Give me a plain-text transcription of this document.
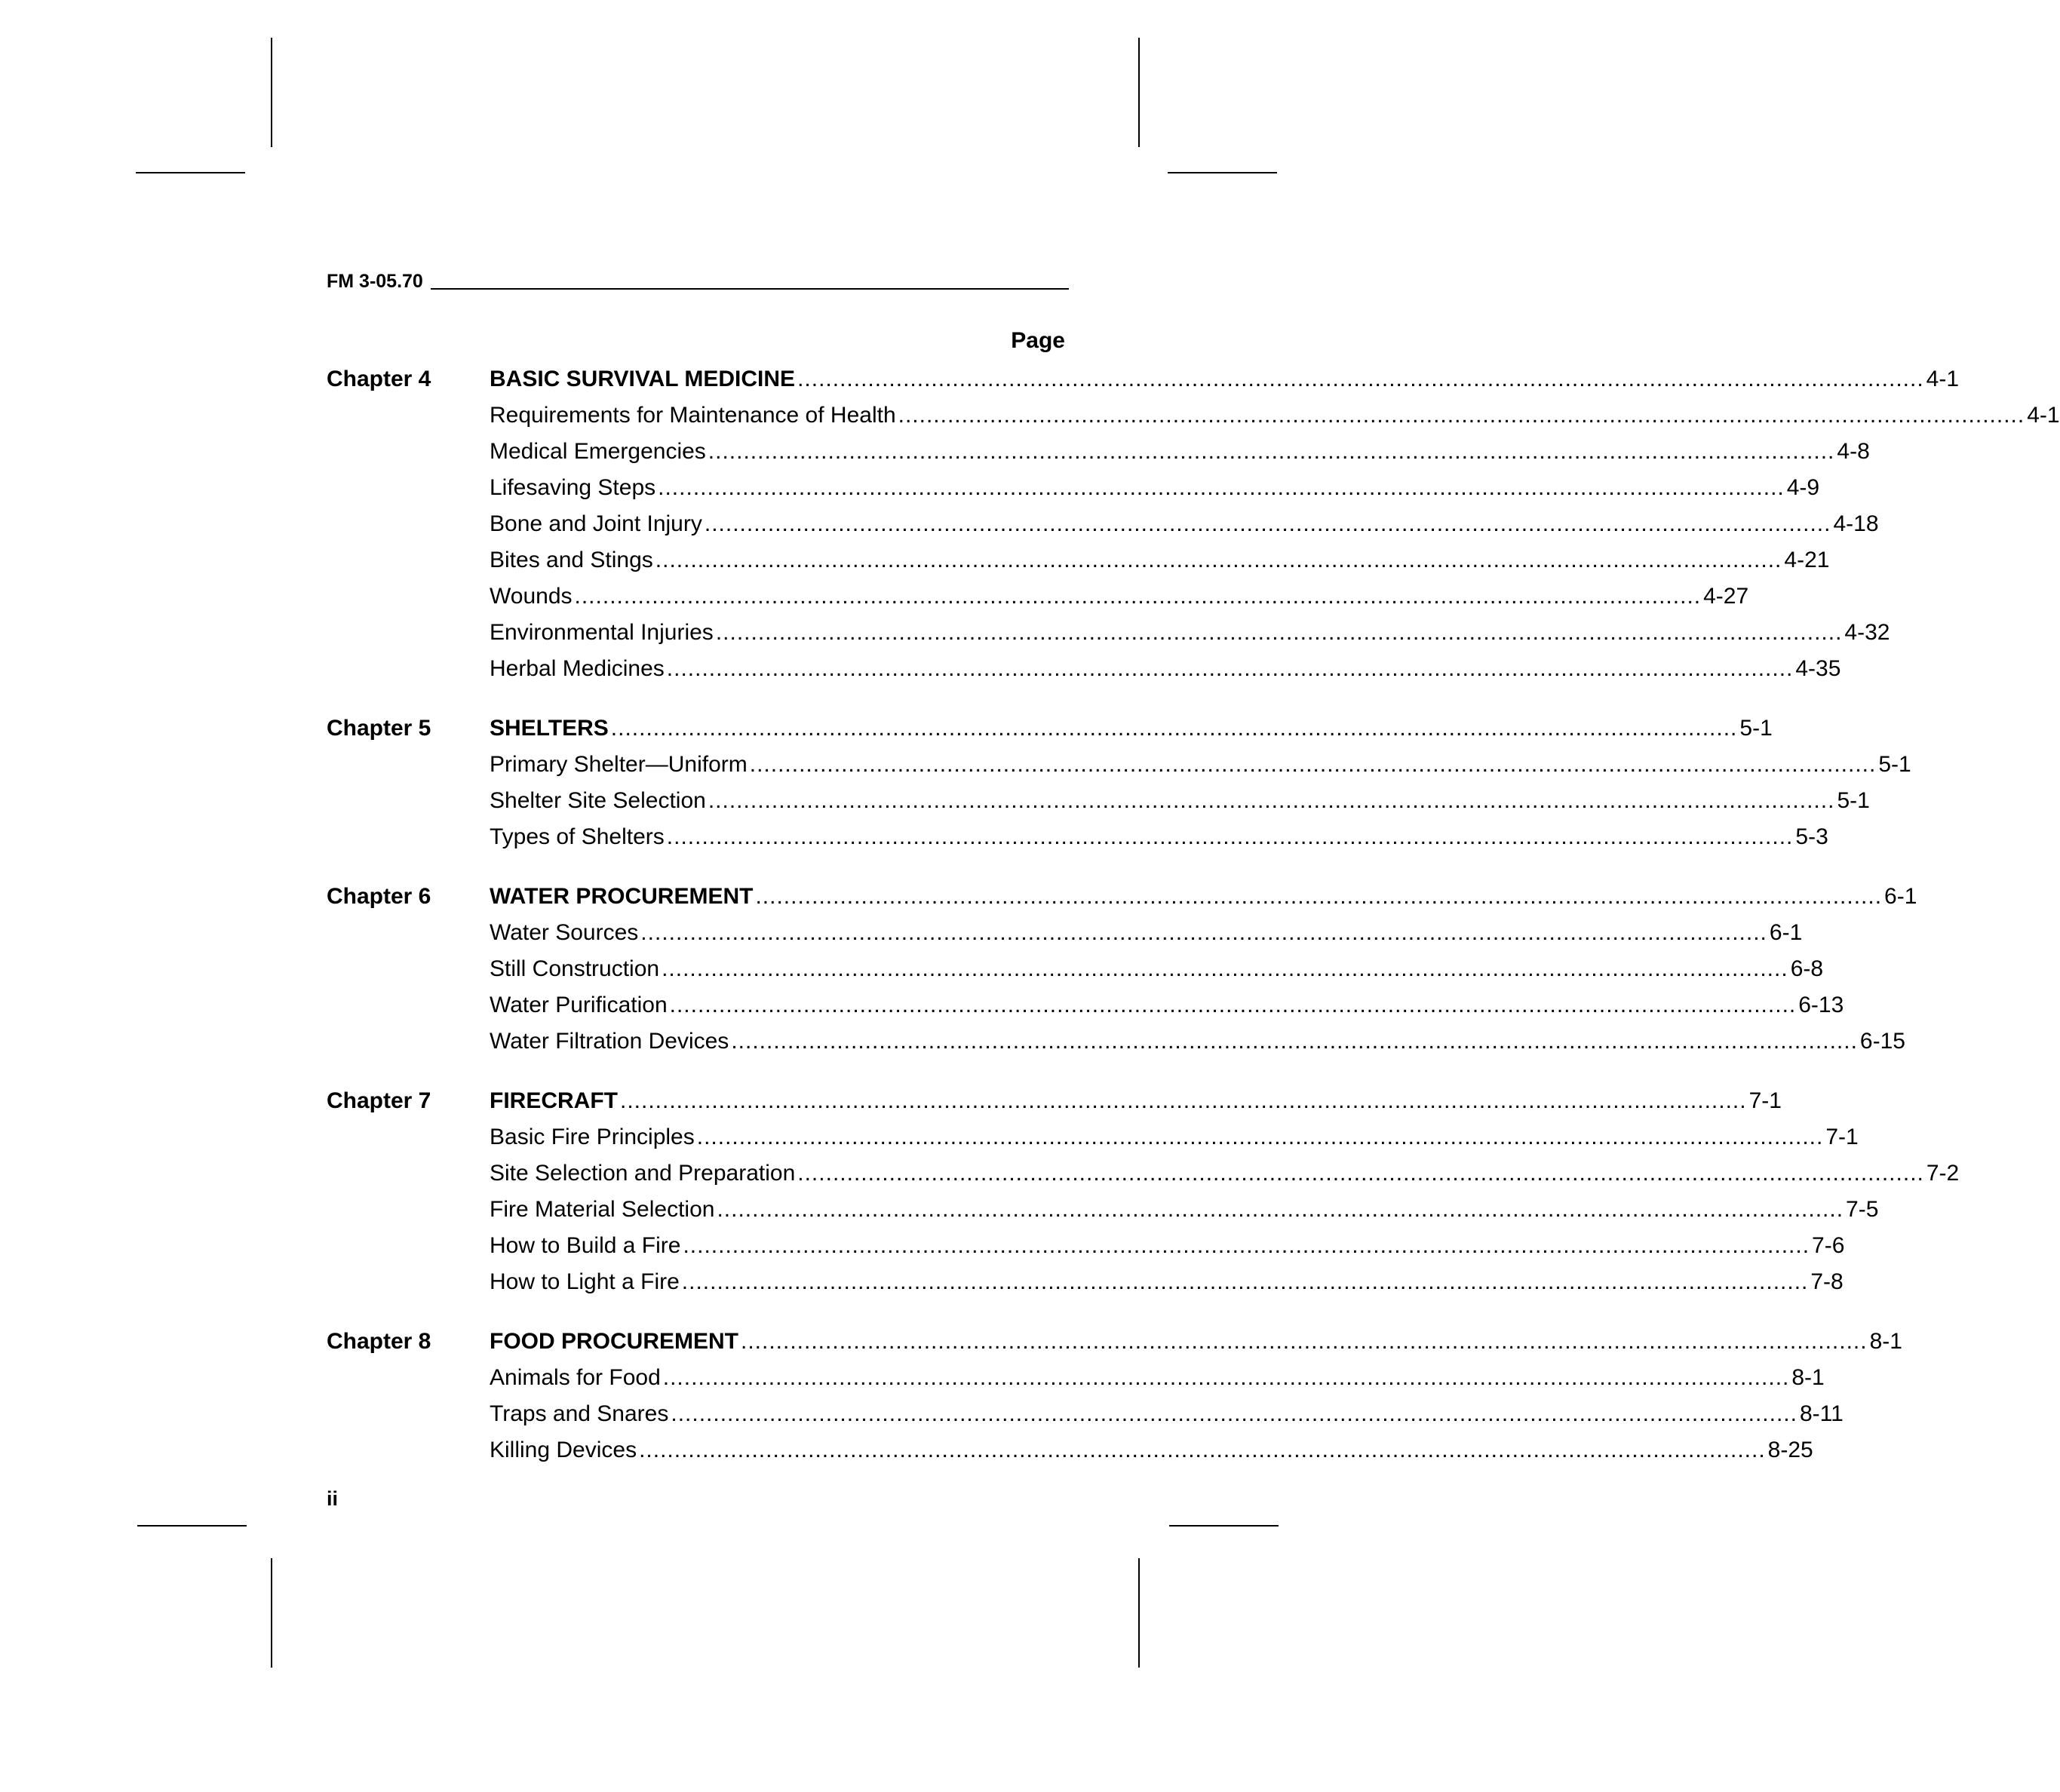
FM 3-05.70
Page
Chapter 4	BASIC SURVIVAL MEDICINE ................................................................................................................................................................ 4-1
Requirements for Maintenance of Health ................................................................................................................................................................ 4-1
Medical Emergencies ................................................................................................................................................................ 4-8
Lifesaving Steps ................................................................................................................................................................ 4-9
Bone and Joint Injury ................................................................................................................................................................ 4-18
Bites and Stings ................................................................................................................................................................ 4-21
Wounds ................................................................................................................................................................ 4-27
Environmental Injuries ................................................................................................................................................................ 4-32
Herbal Medicines ................................................................................................................................................................ 4-35
Chapter 5	SHELTERS ................................................................................................................................................................ 5-1
Primary Shelter—Uniform ................................................................................................................................................................ 5-1
Shelter Site Selection ................................................................................................................................................................ 5-1
Types of Shelters ................................................................................................................................................................ 5-3
Chapter 6	WATER PROCUREMENT ................................................................................................................................................................ 6-1
Water Sources ................................................................................................................................................................ 6-1
Still Construction ................................................................................................................................................................ 6-8
Water Purification ................................................................................................................................................................ 6-13
Water Filtration Devices ................................................................................................................................................................ 6-15
Chapter 7	FIRECRAFT ................................................................................................................................................................ 7-1
Basic Fire Principles ................................................................................................................................................................ 7-1
Site Selection and Preparation ................................................................................................................................................................ 7-2
Fire Material Selection ................................................................................................................................................................ 7-5
How to Build a Fire ................................................................................................................................................................ 7-6
How to Light a Fire ................................................................................................................................................................ 7-8
Chapter 8	FOOD PROCUREMENT ................................................................................................................................................................ 8-1
Animals for Food ................................................................................................................................................................ 8-1
Traps and Snares ................................................................................................................................................................ 8-11
Killing Devices ................................................................................................................................................................ 8-25
ii
